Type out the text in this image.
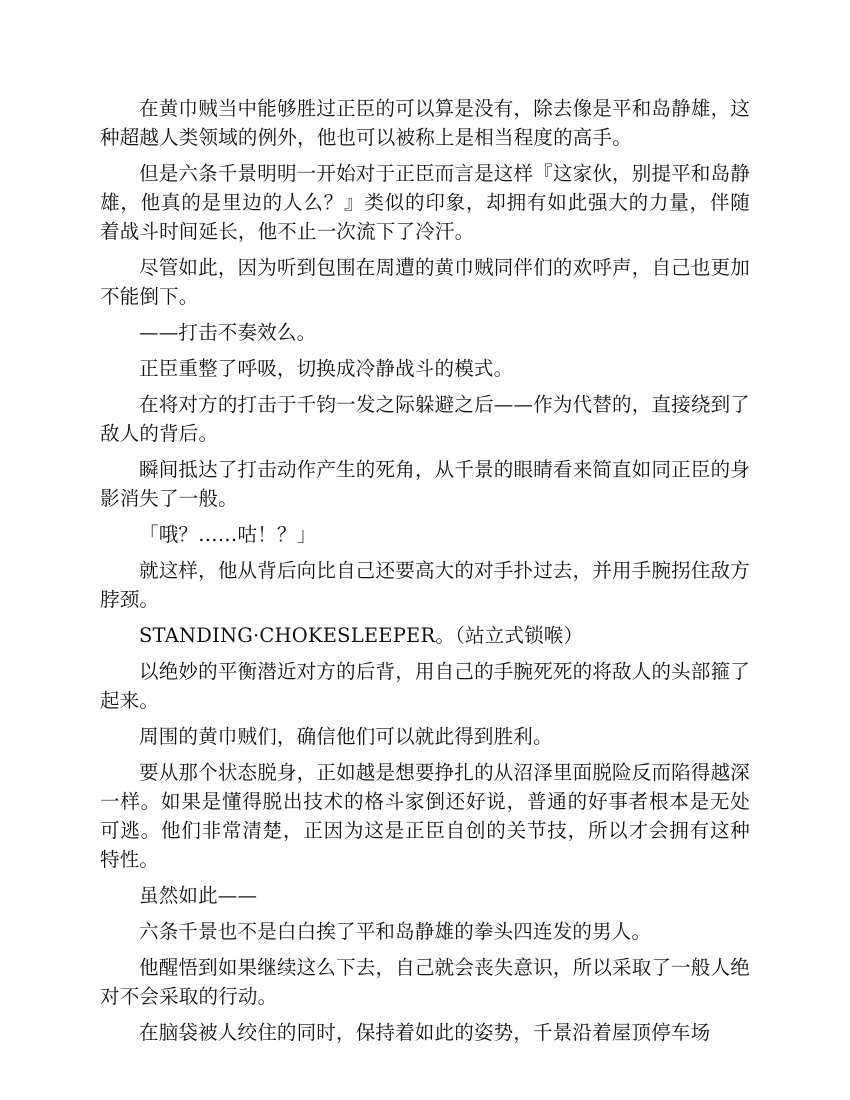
在黄巾贼当中能够胜过正臣的可以算是没有，除去像是平和岛静雄，这种超越人类领域的例外，他也可以被称上是相当程度的高手。

但是六条千景明明一开始对于正臣而言是这样『这家伙，别提平和岛静雄，他真的是里边的人么？』类似的印象，却拥有如此强大的力量，伴随着战斗时间延长，他不止一次流下了冷汗。

尽管如此，因为听到包围在周遭的黄巾贼同伴们的欢呼声，自己也更加不能倒下。

——打击不奏效么。

正臣重整了呼吸，切换成冷静战斗的模式。

在将对方的打击于千钧一发之际躲避之后——作为代替的，直接绕到了敌人的背后。

瞬间抵达了打击动作产生的死角，从千景的眼睛看来简直如同正臣的身影消失了一般。

「哦？……咕！？」

就这样，他从背后向比自己还要高大的对手扑过去，并用手腕拐住敌方脖颈。

STANDING·CHOKESLEEPER。（站立式锁喉）

以绝妙的平衡潜近对方的后背，用自己的手腕死死的将敌人的头部箍了起来。

周围的黄巾贼们，确信他们可以就此得到胜利。

要从那个状态脱身，正如越是想要挣扎的从沼泽里面脱险反而陷得越深一样。如果是懂得脱出技术的格斗家倒还好说，普通的好事者根本是无处可逃。他们非常清楚，正因为这是正臣自创的关节技，所以才会拥有这种特性。

虽然如此——

六条千景也不是白白挨了平和岛静雄的拳头四连发的男人。

他醒悟到如果继续这么下去，自己就会丧失意识，所以采取了一般人绝对不会采取的行动。

在脑袋被人绞住的同时，保持着如此的姿势，千景沿着屋顶停车场
